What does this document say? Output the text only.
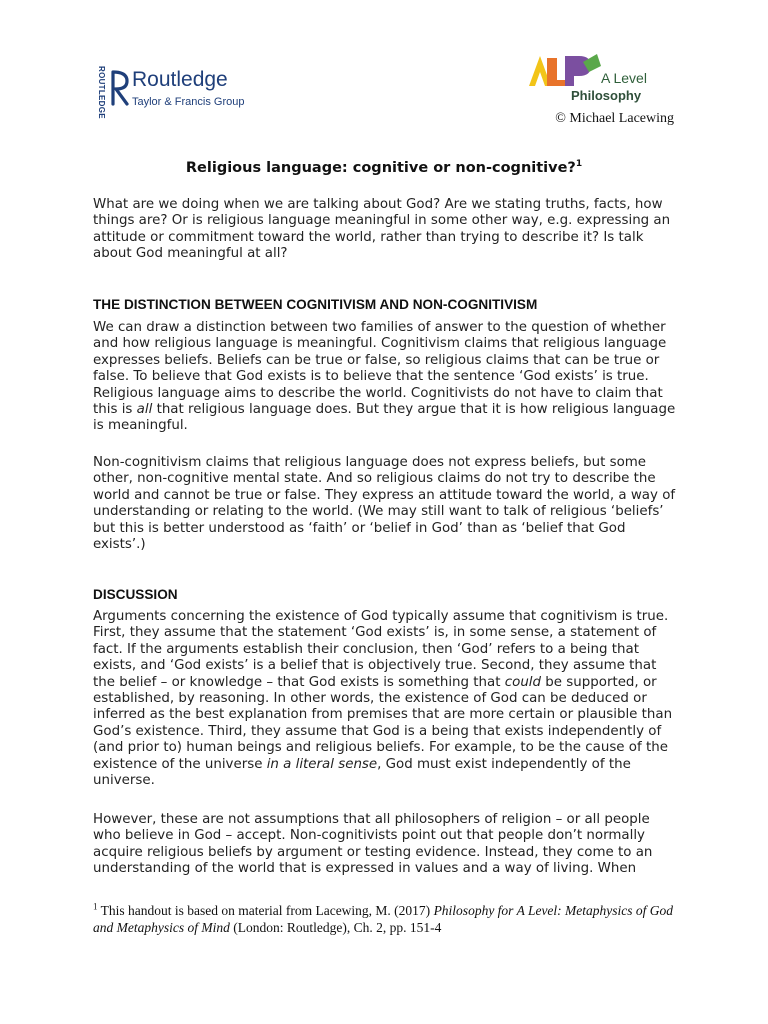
ROUTLEDGE Routledge
Taylor & Francis Group
A Level
Philosophy
© Michael Lacewing
Religious language: cognitive or non-cognitive?$^1$

What are we doing when we are talking about God? Are we stating truths, facts, how things are? Or is religious language meaningful in some other way, e.g. expressing an attitude or commitment toward the world, rather than trying to describe it? Is talk about God meaningful at all?

THE DISTINCTION BETWEEN COGNITIVISM AND NON-COGNITIVISM

We can draw a distinction between two families of answer to the question of whether and how religious language is meaningful. Cognitivism claims that religious language expresses beliefs. Beliefs can be true or false, so religious claims that can be true or false. To believe that God exists is to believe that the sentence ‘God exists’ is true. Religious language aims to describe the world. Cognitivists do not have to claim that this is all that religious language does. But they argue that it is how religious language is meaningful.

Non-cognitivism claims that religious language does not express beliefs, but some other, non-cognitive mental state. And so religious claims do not try to describe the world and cannot be true or false. They express an attitude toward the world, a way of understanding or relating to the world. (We may still want to talk of religious ‘beliefs’ but this is better understood as ‘faith’ or ‘belief in God’ than as ‘belief that God exists’.)

DISCUSSION

Arguments concerning the existence of God typically assume that cognitivism is true. First, they assume that the statement ‘God exists’ is, in some sense, a statement of fact. If the arguments establish their conclusion, then ‘God’ refers to a being that exists, and ‘God exists’ is a belief that is objectively true. Second, they assume that the belief – or knowledge – that God exists is something that could be supported, or established, by reasoning. In other words, the existence of God can be deduced or inferred as the best explanation from premises that are more certain or plausible than God’s existence. Third, they assume that God is a being that exists independently of (and prior to) human beings and religious beliefs. For example, to be the cause of the existence of the universe in a literal sense, God must exist independently of the universe.

However, these are not assumptions that all philosophers of religion – or all people who believe in God – accept. Non-cognitivists point out that people don’t normally acquire religious beliefs by argument or testing evidence. Instead, they come to an understanding of the world that is expressed in values and a way of living. When

$^1$ This handout is based on material from Lacewing, M. (2017) Philosophy for A Level: Metaphysics of God and Metaphysics of Mind (London: Routledge), Ch. 2, pp. 151-4
